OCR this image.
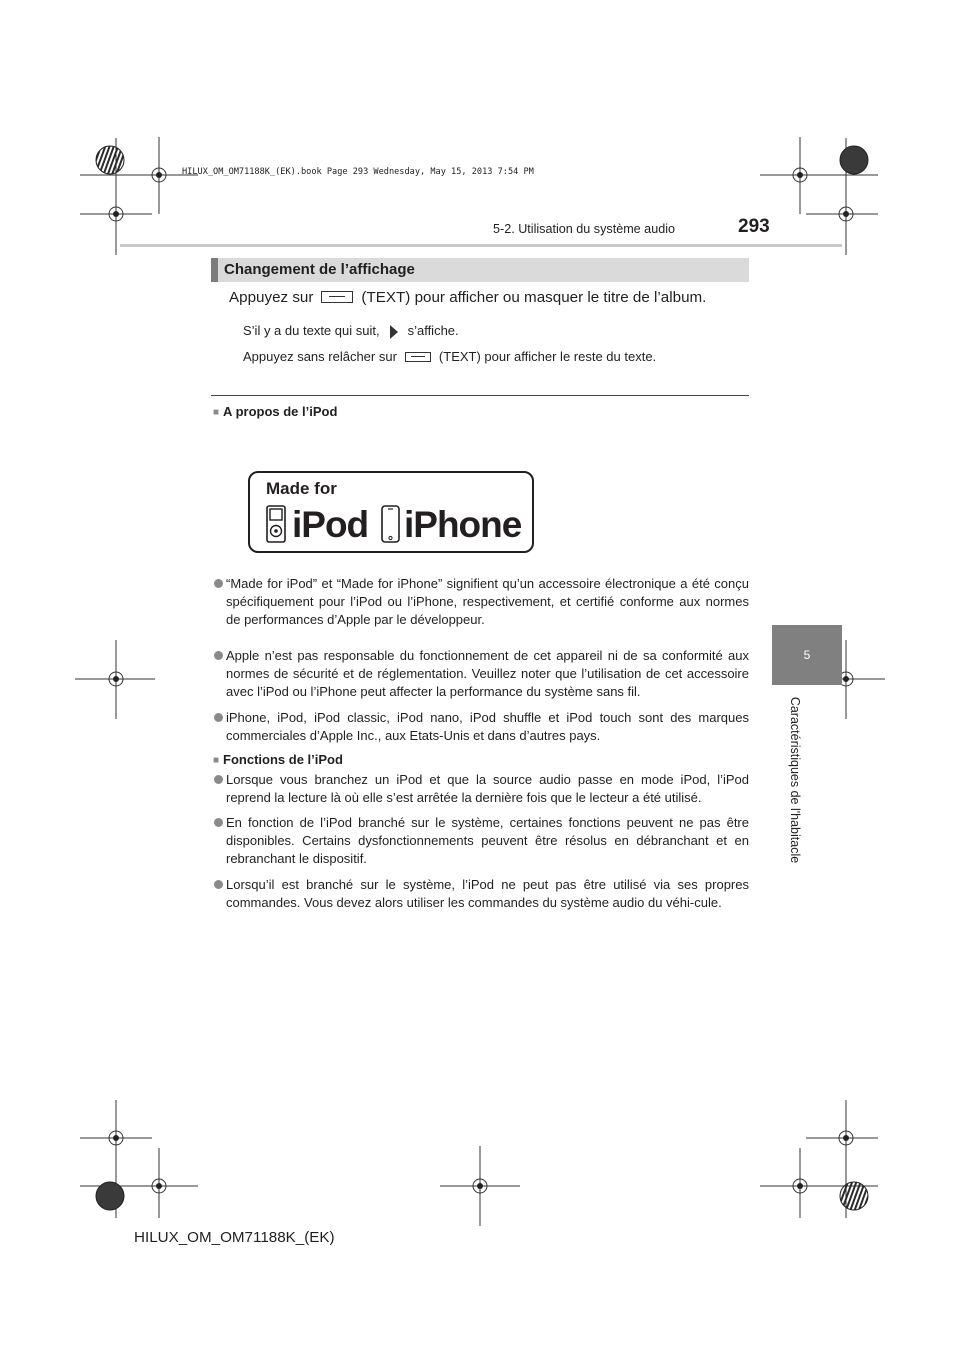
HILUX_OM_OM71188K_(EK).book Page 293 Wednesday, May 15, 2013 7:54 PM
293
5-2. Utilisation du système audio
5
Caractéristiques de l'habitacle
Changement de l’affichage
Appuyez sur	(TEXT) pour afficher ou masquer le titre de l’album.
S’il y a du texte qui suit, s’affiche.
Appuyez sans relâcher sur	(TEXT) pour afficher le reste du texte.
■ A propos de l’iPod
Made for
iPod iPhone
“Made for iPod” et “Made for iPhone” signifient qu’un accessoire électronique a été conçu spécifiquement pour l’iPod ou l’iPhone, respectivement, et certifié conforme aux normes de performances d’Apple par le développeur.
Apple n’est pas responsable du fonctionnement de cet appareil ni de sa conformité aux normes de sécurité et de réglementation. Veuillez noter que l’utilisation de cet accessoire avec l’iPod ou l’iPhone peut affecter la performance du système sans fil.
iPhone, iPod, iPod classic, iPod nano, iPod shuffle et iPod touch sont des marques commerciales d’Apple Inc., aux Etats-Unis et dans d’autres pays.
■ Fonctions de l’iPod
Lorsque vous branchez un iPod et que la source audio passe en mode iPod, l’iPod reprend la lecture là où elle s’est arrêtée la dernière fois que le lecteur a été utilisé.
En fonction de l’iPod branché sur le système, certaines fonctions peuvent ne pas être disponibles. Certains dysfonctionnements peuvent être résolus en débranchant et en rebranchant le dispositif.
Lorsqu’il est branché sur le système, l’iPod ne peut pas être utilisé via ses propres commandes. Vous devez alors utiliser les commandes du système audio du véhi-cule.
HILUX_OM_OM71188K_(EK)
